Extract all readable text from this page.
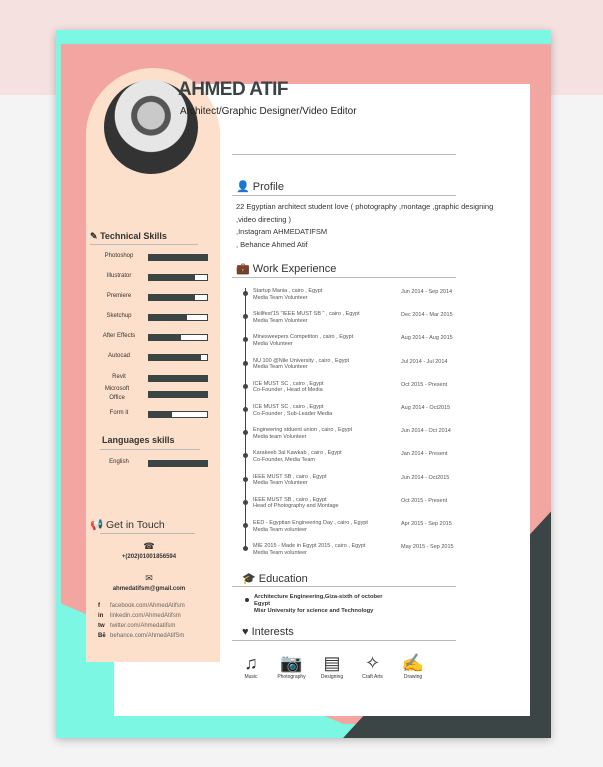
✎ Technical Skills
Photoshop
Illustrator
Premiere
Sketchup
After Effects
Autocad
Revit
Microsoft Office
Form it
Languages skills
English
📢 Get in Touch
☎
+(202)01001856594
✉
ahmedatifsm@gmail.com
f facebook.com/AhmedAtifsm
in linkedin.com/AhmedAtifsm
tw twitter.com/Ahmedatifsm
Bē behance.com/AhmedAtifSm
AHMED ATIF
Architect/Graphic Designer/Video Editor
👤 Profile
22 Egyptian architect student love ( photography ,montage ,graphic designing
,video directing )
,Instagram AHMEDATIFSM
, Behance Ahmed Atif
💼 Work Experience
Startup Mania , cairo , Egypt
Media Team Volunteer
Jun 2014 - Sep 2014
Skillfest'15 "IEEE MUST SB " , cairo , Egypt
Media Team Volunteer
Dec 2014 - Mar 2015
Minesweepers Competiton , cairo , Egypt
Media Volunteer
Aug 2014 - Aug 2015
NU 100 @Nile University , cairo , Egypt
Media Team Volunteer
Jul 2014 - Jul 2014
ICE MUST SC , cairo , Egypt
Co-Founder , Head of Media
Oct 2015 - Present
ICE MUST SC , cairo , Egypt
Co-Founder , Sub-Leader Media
Aug 2014 - Oct2015
Engineering stduent union , cairo , Egypt
Media team Volunteer
Jun 2014 - Oct 2014
Karakeeb 3al Kawkab , cairo , Egypt
Co-Founder, Media Team
Jan 2014 - Present
IEEE MUST SB , cairo , Egypt
Media Team Volunteer
Jun 2014 - Oct2015
IEEE MUST SB , cairo , Egypt
Head of Photography and Montage
Oct 2015 - Present
EED - Egyptian Engineering Day , cairo , Egypt
Media Team volunteer
Apr 2015 - Sep 2015
MIE 2015 - Made in Egypt 2015 , cairo , Egypt
Media Team volunteer
May 2015 - Sep 2015
🎓 Education
Architecture Engineering,Giza-sixth of october
Egypt
Misr University for science and Technology
♥ Interests
♫
Music
📷
Photography
▤
Designing
✧
Craft Arts
✍
Drawing
